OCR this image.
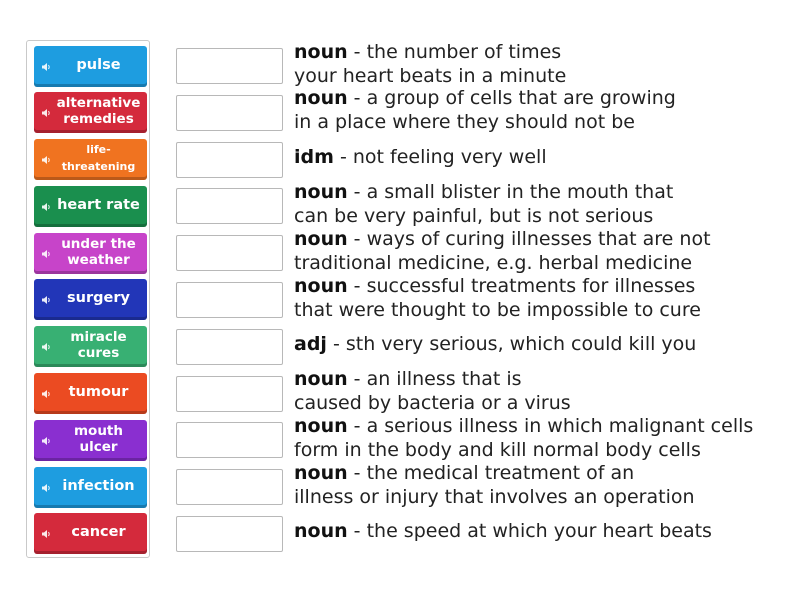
pulse
alternative
remedies
life-threatening
heart rate
under the
weather
surgery
miracle
cures
tumour
mouth
ulcer
infection
cancer
noun - the number of times
your heart beats in a minute
noun - a group of cells that are growing
in a place where they should not be
idm - not feeling very well
noun - a small blister in the mouth that
can be very painful, but is not serious
noun - ways of curing illnesses that are not
traditional medicine, e.g. herbal medicine
noun - successful treatments for illnesses
that were thought to be impossible to cure
adj - sth very serious, which could kill you
noun - an illness that is
caused by bacteria or a virus
noun - a serious illness in which malignant cells
form in the body and kill normal body cells
noun - the medical treatment of an
illness or injury that involves an operation
noun - the speed at which your heart beats
